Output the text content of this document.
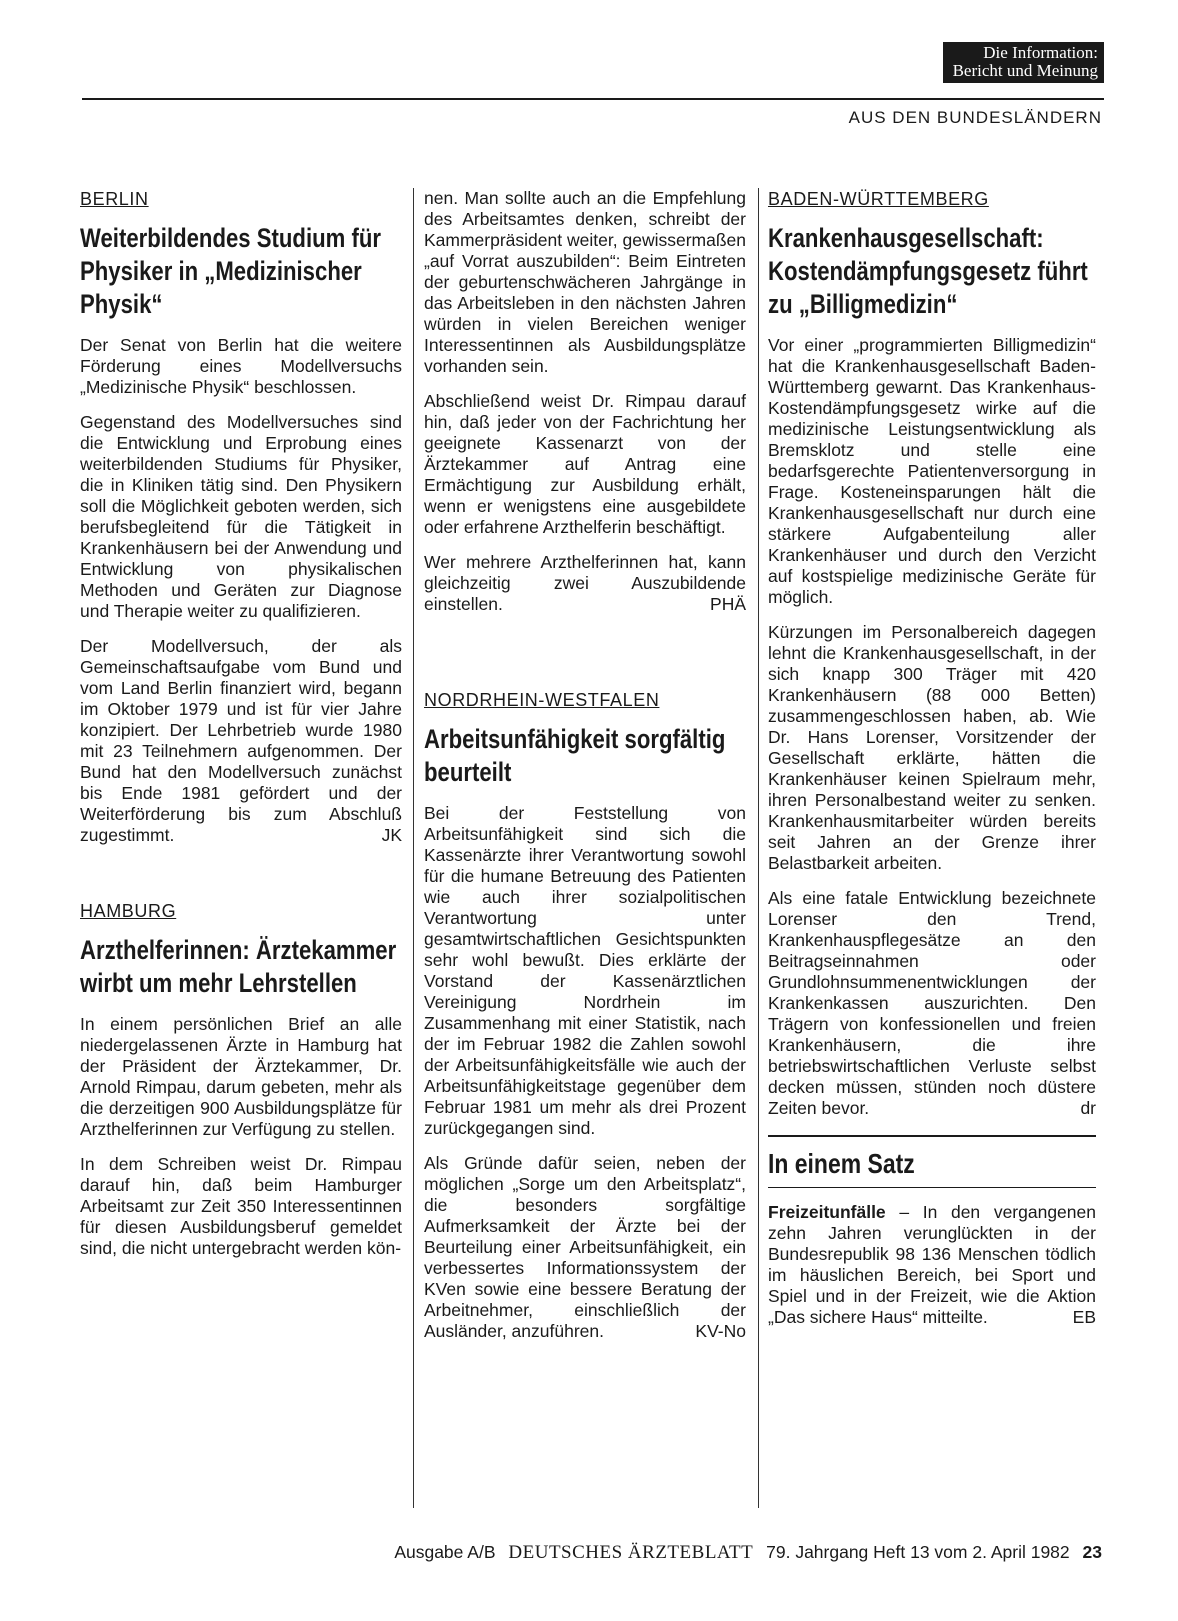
Die Information:
Bericht und Meinung
AUS DEN BUNDESLÄNDERN
BERLIN
Weiterbildendes Studium für Physiker in „Medizinischer Physik“

Der Senat von Berlin hat die weitere Förderung eines Modellversuchs „Medizinische Physik“ beschlossen.

Gegenstand des Modellversuches sind die Entwicklung und Erprobung eines weiterbildenden Studiums für Physiker, die in Kliniken tätig sind. Den Physikern soll die Möglichkeit geboten werden, sich berufsbegleitend für die Tätigkeit in Krankenhäusern bei der Anwendung und Entwicklung von physikalischen Methoden und Geräten zur Diagnose und Therapie weiter zu qualifizieren.

Der Modellversuch, der als Gemeinschaftsaufgabe vom Bund und vom Land Berlin finanziert wird, begann im Oktober 1979 und ist für vier Jahre konzipiert. Der Lehrbetrieb wurde 1980 mit 23 Teilnehmern aufgenommen. Der Bund hat den Modellversuch zunächst bis Ende 1981 gefördert und der Weiterförderung bis zum Abschluß zugestimmt.	JK

HAMBURG
Arzthelferinnen: Ärztekammer wirbt um mehr Lehrstellen

In einem persönlichen Brief an alle niedergelassenen Ärzte in Hamburg hat der Präsident der Ärztekammer, Dr. Arnold Rimpau, darum gebeten, mehr als die derzeitigen 900 Ausbildungsplätze für Arzthelferinnen zur Verfügung zu stellen.

In dem Schreiben weist Dr. Rimpau darauf hin, daß beim Hamburger Arbeitsamt zur Zeit 350 Interessentinnen für diesen Ausbildungsberuf gemeldet sind, die nicht untergebracht werden kön-

nen. Man sollte auch an die Empfehlung des Arbeitsamtes denken, schreibt der Kammerpräsident weiter, gewissermaßen „auf Vorrat auszubilden“: Beim Eintreten der geburtenschwächeren Jahrgänge in das Arbeitsleben in den nächsten Jahren würden in vielen Bereichen weniger Interessentinnen als Ausbildungsplätze vorhanden sein.

Abschließend weist Dr. Rimpau darauf hin, daß jeder von der Fachrichtung her geeignete Kassenarzt von der Ärztekammer auf Antrag eine Ermächtigung zur Ausbildung erhält, wenn er wenigstens eine ausgebildete oder erfahrene Arzthelferin beschäftigt.

Wer mehrere Arzthelferinnen hat, kann gleichzeitig zwei Auszubildende einstellen.	PHÄ

NORDRHEIN-WESTFALEN
Arbeitsunfähigkeit sorgfältig beurteilt

Bei der Feststellung von Arbeitsunfähigkeit sind sich die Kassenärzte ihrer Verantwortung sowohl für die humane Betreuung des Patienten wie auch ihrer sozialpolitischen Verantwortung unter gesamtwirtschaftlichen Gesichtspunkten sehr wohl bewußt. Dies erklärte der Vorstand der Kassenärztlichen Vereinigung Nordrhein im Zusammenhang mit einer Statistik, nach der im Februar 1982 die Zahlen sowohl der Arbeitsunfähigkeitsfälle wie auch der Arbeitsunfähigkeitstage gegenüber dem Februar 1981 um mehr als drei Prozent zurückgegangen sind.

Als Gründe dafür seien, neben der möglichen „Sorge um den Arbeitsplatz“, die besonders sorgfältige Aufmerksamkeit der Ärzte bei der Beurteilung einer Arbeitsunfähigkeit, ein verbessertes Informationssystem der KVen sowie eine bessere Beratung der Arbeitnehmer, einschließlich der Ausländer, anzuführen.	KV-No

BADEN-WÜRTTEMBERG
Krankenhausgesellschaft: Kostendämpfungsgesetz führt zu „Billigmedizin“

Vor einer „programmierten Billigmedizin“ hat die Krankenhausgesellschaft Baden-Württemberg gewarnt. Das Krankenhaus-Kostendämpfungsgesetz wirke auf die medizinische Leistungsentwicklung als Bremsklotz und stelle eine bedarfsgerechte Patientenversorgung in Frage. Kosteneinsparungen hält die Krankenhausgesellschaft nur durch eine stärkere Aufgabenteilung aller Krankenhäuser und durch den Verzicht auf kostspielige medizinische Geräte für möglich.

Kürzungen im Personalbereich dagegen lehnt die Krankenhausgesellschaft, in der sich knapp 300 Träger mit 420 Krankenhäusern (88 000 Betten) zusammengeschlossen haben, ab. Wie Dr. Hans Lorenser, Vorsitzender der Gesellschaft erklärte, hätten die Krankenhäuser keinen Spielraum mehr, ihren Personalbestand weiter zu senken. Krankenhausmitarbeiter würden bereits seit Jahren an der Grenze ihrer Belastbarkeit arbeiten.

Als eine fatale Entwicklung bezeichnete Lorenser den Trend, Krankenhauspflegesätze an den Beitragseinnahmen oder Grundlohnsummenentwicklungen der Krankenkassen auszurichten. Den Trägern von konfessionellen und freien Krankenhäusern, die ihre betriebswirtschaftlichen Verluste selbst decken müssen, stünden noch düstere Zeiten bevor.	dr

In einem Satz

Freizeitunfälle – In den vergangenen zehn Jahren verunglückten in der Bundesrepublik 98 136 Menschen tödlich im häuslichen Bereich, bei Sport und Spiel und in der Freizeit, wie die Aktion „Das sichere Haus“ mitteilte.	EB

Ausgabe A/B DEUTSCHES ÄRZTEBLATT 79. Jahrgang Heft 13 vom 2. April 1982 23
